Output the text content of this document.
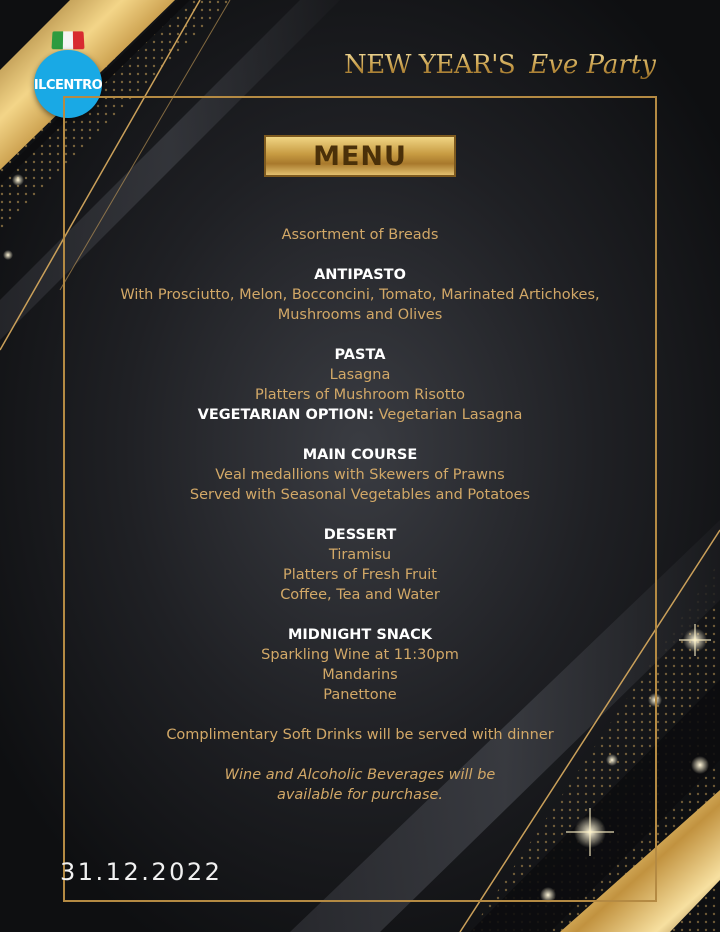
ILCENTRO
NEW YEAR'S Eve Party
MENU
Assortment of Breads
ANTIPASTO
With Prosciutto, Melon, Bocconcini, Tomato, Marinated Artichokes,
Mushrooms and Olives
PASTA
Lasagna
Platters of Mushroom Risotto
VEGETARIAN OPTION: Vegetarian Lasagna
MAIN COURSE
Veal medallions with Skewers of Prawns
Served with Seasonal Vegetables and Potatoes
DESSERT
Tiramisu
Platters of Fresh Fruit
Coffee, Tea and Water
MIDNIGHT SNACK
Sparkling Wine at 11:30pm
Mandarins
Panettone
Complimentary Soft Drinks will be served with dinner
Wine and Alcoholic Beverages will be
available for purchase.
31.12.2022
